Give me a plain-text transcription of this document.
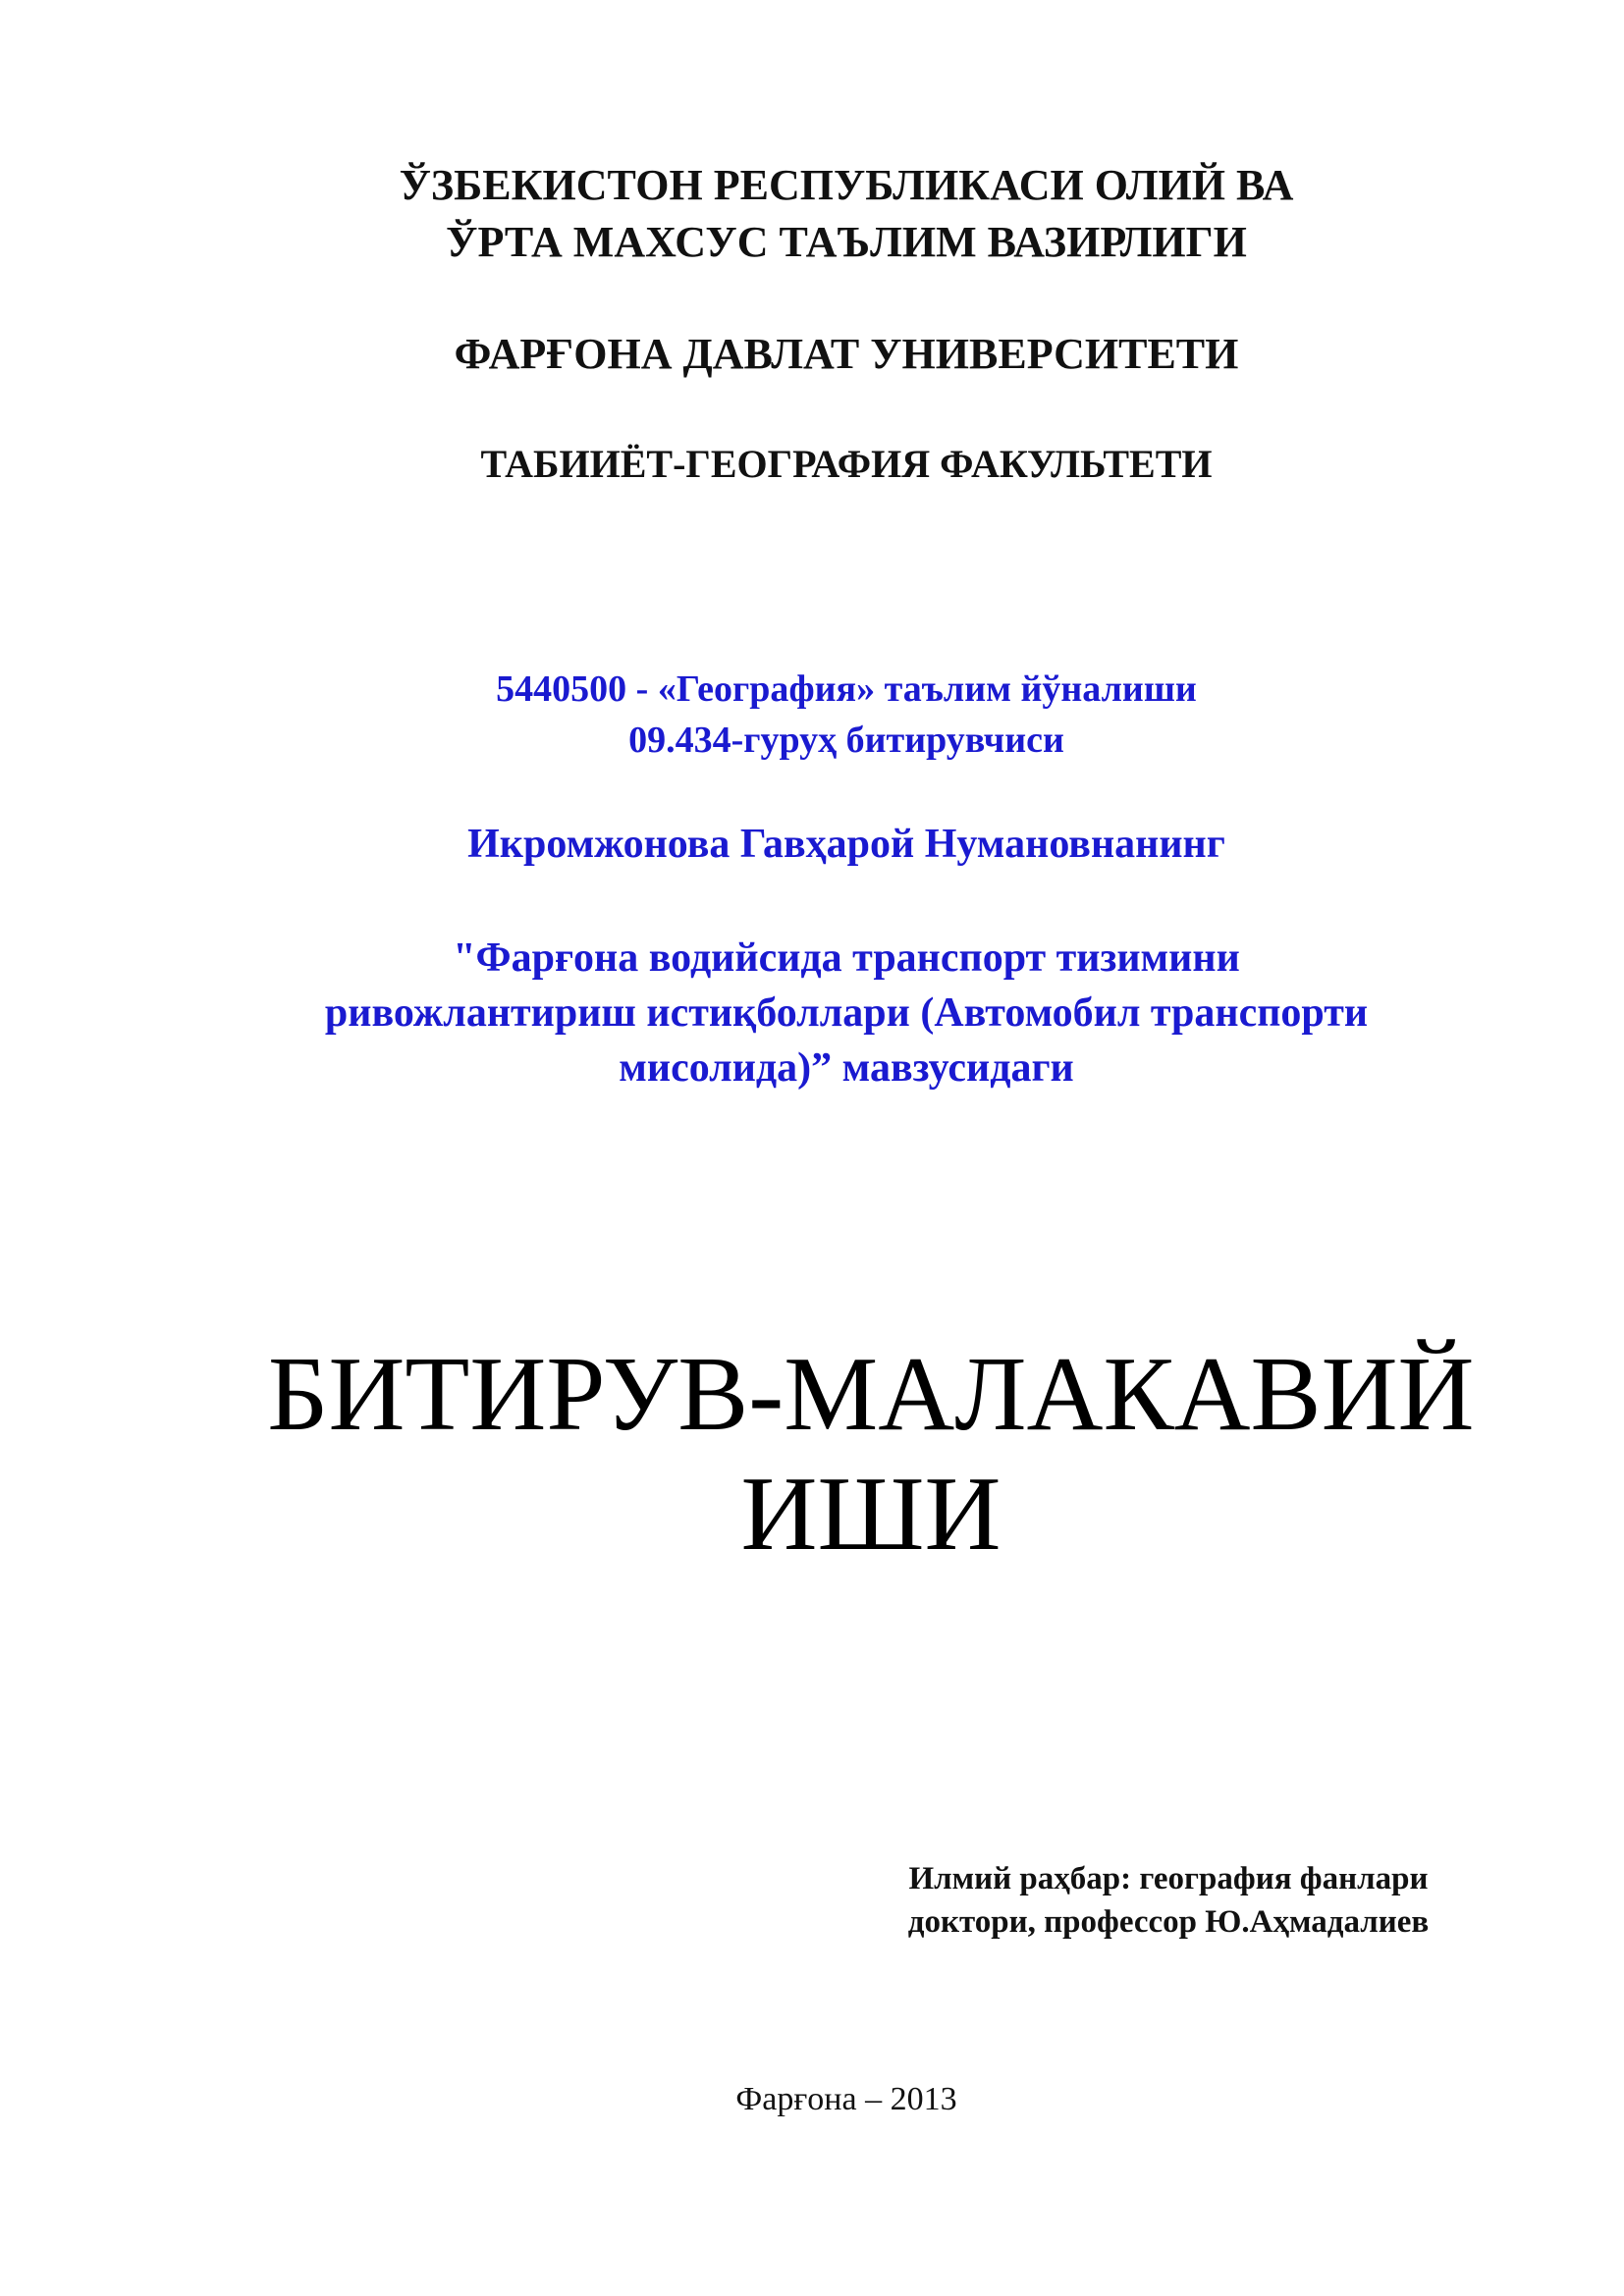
ЎЗБЕКИСТОН РЕСПУБЛИКАСИ ОЛИЙ ВА
ЎРТА МАХСУС ТАЪЛИМ ВАЗИРЛИГИ
ФАРҒОНА ДАВЛАТ УНИВЕРСИТЕТИ
ТАБИИЁТ-ГЕОГРАФИЯ ФАКУЛЬТЕТИ
5440500 - «География» таълим йўналиши
09.434-гуруҳ битирувчиси
Икромжонова Гавҳарой Нумановнанинг
"Фарғона водийсида транспорт тизимини
ривожлантириш истиқболлари (Автомобил транспорти
мисолида)” мавзусидаги
БИТИРУВ-МАЛАКАВИЙ
ИШИ
Илмий раҳбар: география фанлари
доктори, профессор Ю.Аҳмадалиев
Фарғона – 2013
